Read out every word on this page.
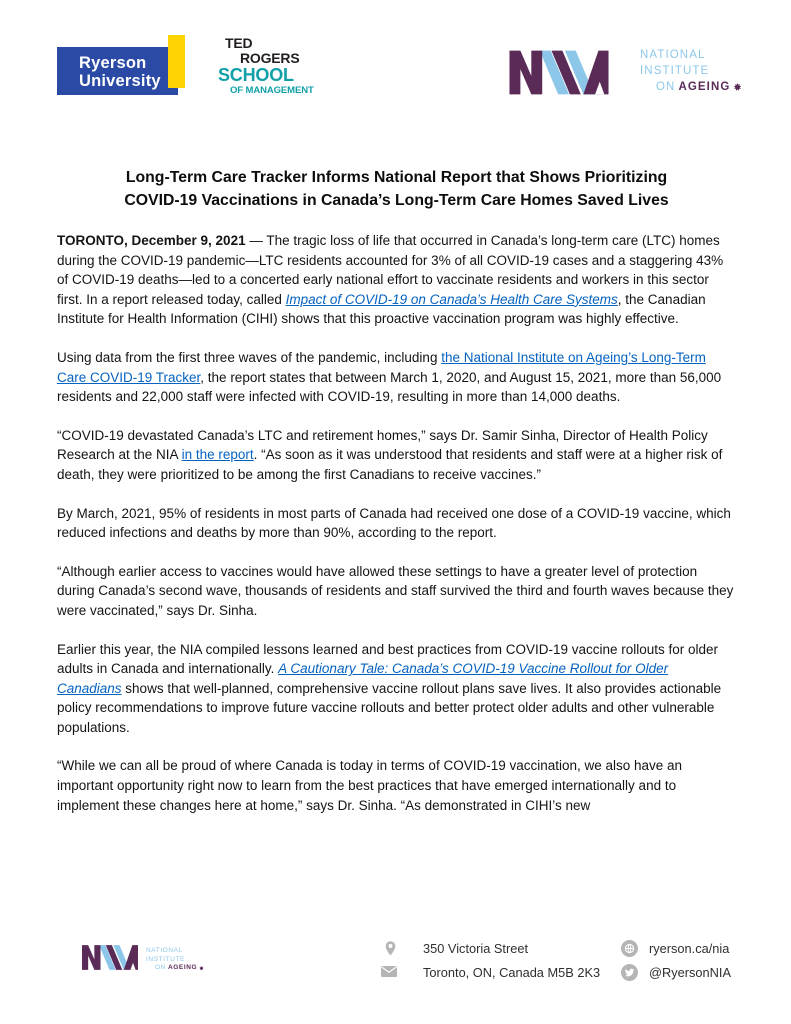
Ryerson
University
TED
ROGERS
SCHOOL
OF MANAGEMENT
NATIONAL
INSTITUTE
ON AGEING
Long-Term Care Tracker Informs National Report that Shows Prioritizing
COVID-19 Vaccinations in Canada’s Long-Term Care Homes Saved Lives

TORONTO, December 9, 2021 — The tragic loss of life that occurred in Canada’s long-term care (LTC) homes during the COVID-19 pandemic—LTC residents accounted for 3% of all COVID-19 cases and a staggering 43% of COVID-19 deaths—led to a concerted early national effort to vaccinate residents and workers in this sector first. In a report released today, called Impact of COVID-19 on Canada’s Health Care Systems, the Canadian Institute for Health Information (CIHI) shows that this proactive vaccination program was highly effective.

Using data from the first three waves of the pandemic, including the National Institute on Ageing’s Long-Term Care COVID-19 Tracker, the report states that between March 1, 2020, and August 15, 2021, more than 56,000 residents and 22,000 staff were infected with COVID-19, resulting in more than 14,000 deaths.

“COVID-19 devastated Canada’s LTC and retirement homes,” says Dr. Samir Sinha, Director of Health Policy Research at the NIA in the report. “As soon as it was understood that residents and staff were at a higher risk of death, they were prioritized to be among the first Canadians to receive vaccines.”

By March, 2021, 95% of residents in most parts of Canada had received one dose of a COVID-19 vaccine, which reduced infections and deaths by more than 90%, according to the report.

“Although earlier access to vaccines would have allowed these settings to have a greater level of protection during Canada’s second wave, thousands of residents and staff survived the third and fourth waves because they were vaccinated,” says Dr. Sinha.

Earlier this year, the NIA compiled lessons learned and best practices from COVID-19 vaccine rollouts for older adults in Canada and internationally. A Cautionary Tale: Canada’s COVID-19 Vaccine Rollout for Older Canadians shows that well-planned, comprehensive vaccine rollout plans save lives. It also provides actionable policy recommendations to improve future vaccine rollouts and better protect older adults and other vulnerable populations.

“While we can all be proud of where Canada is today in terms of COVID-19 vaccination, we also have an important opportunity right now to learn from the best practices that have emerged internationally and to implement these changes here at home,” says Dr. Sinha. “As demonstrated in CIHI’s new

NATIONAL
INSTITUTE
ON AGEING
350 Victoria Street
Toronto, ON, Canada M5B 2K3
ryerson.ca/nia
@RyersonNIA
